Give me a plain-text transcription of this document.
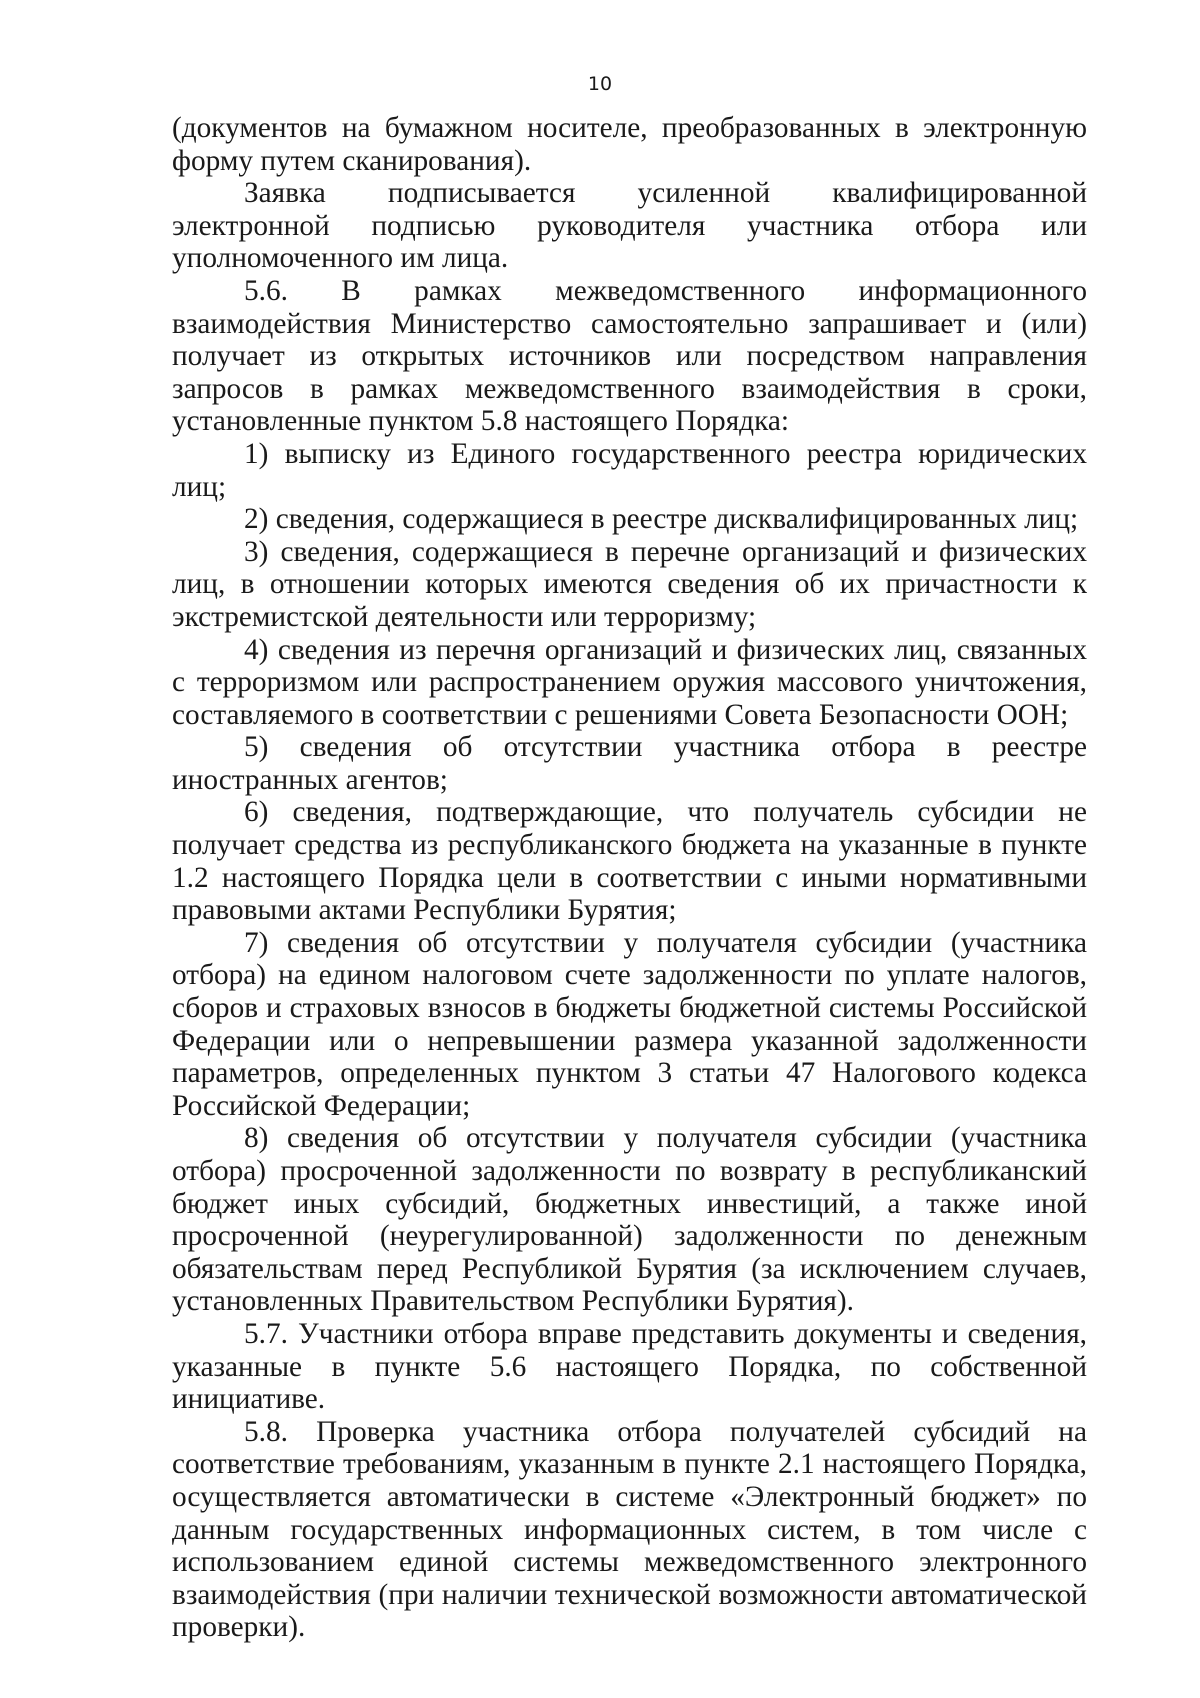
10

(документов на бумажном носителе, преобразованных в электронную форму путем сканирования).

Заявка подписывается усиленной квалифицированной электронной подписью руководителя участника отбора или уполномоченного им лица.

5.6. В рамках межведомственного информационного взаимодействия Министерство самостоятельно запрашивает и (или) получает из открытых источников или посредством направления запросов в рамках межведомственного взаимодействия в сроки, установленные пунктом 5.8 настоящего Порядка:

1) выписку из Единого государственного реестра юридических лиц;

2) сведения, содержащиеся в реестре дисквалифицированных лиц;

3) сведения, содержащиеся в перечне организаций и физических лиц, в отношении которых имеются сведения об их причастности к экстремистской деятельности или терроризму;

4) сведения из перечня организаций и физических лиц, связанных с терроризмом или распространением оружия массового уничтожения, составляемого в соответствии с решениями Совета Безопасности ООН;

5) сведения об отсутствии участника отбора в реестре иностранных агентов;

6) сведения, подтверждающие, что получатель субсидии не получает средства из республиканского бюджета на указанные в пункте 1.2 настоящего Порядка цели в соответствии с иными нормативными правовыми актами Республики Бурятия;

7) сведения об отсутствии у получателя субсидии (участника отбора) на едином налоговом счете задолженности по уплате налогов, сборов и страховых взносов в бюджеты бюджетной системы Российской Федерации или о непревышении размера указанной задолженности параметров, определенных пунктом 3 статьи 47 Налогового кодекса Российской Федерации;

8) сведения об отсутствии у получателя субсидии (участника отбора) просроченной задолженности по возврату в республиканский бюджет иных субсидий, бюджетных инвестиций, а также иной просроченной (неурегулированной) задолженности по денежным обязательствам перед Республикой Бурятия (за исключением случаев, установленных Правительством Республики Бурятия).

5.7. Участники отбора вправе представить документы и сведения, указанные в пункте 5.6 настоящего Порядка, по собственной инициативе.

5.8. Проверка участника отбора получателей субсидий на соответствие требованиям, указанным в пункте 2.1 настоящего Порядка, осуществляется автоматически в системе «Электронный бюджет» по данным государственных информационных систем, в том числе с использованием единой системы межведомственного электронного взаимодействия (при наличии технической возможности автоматической проверки).
